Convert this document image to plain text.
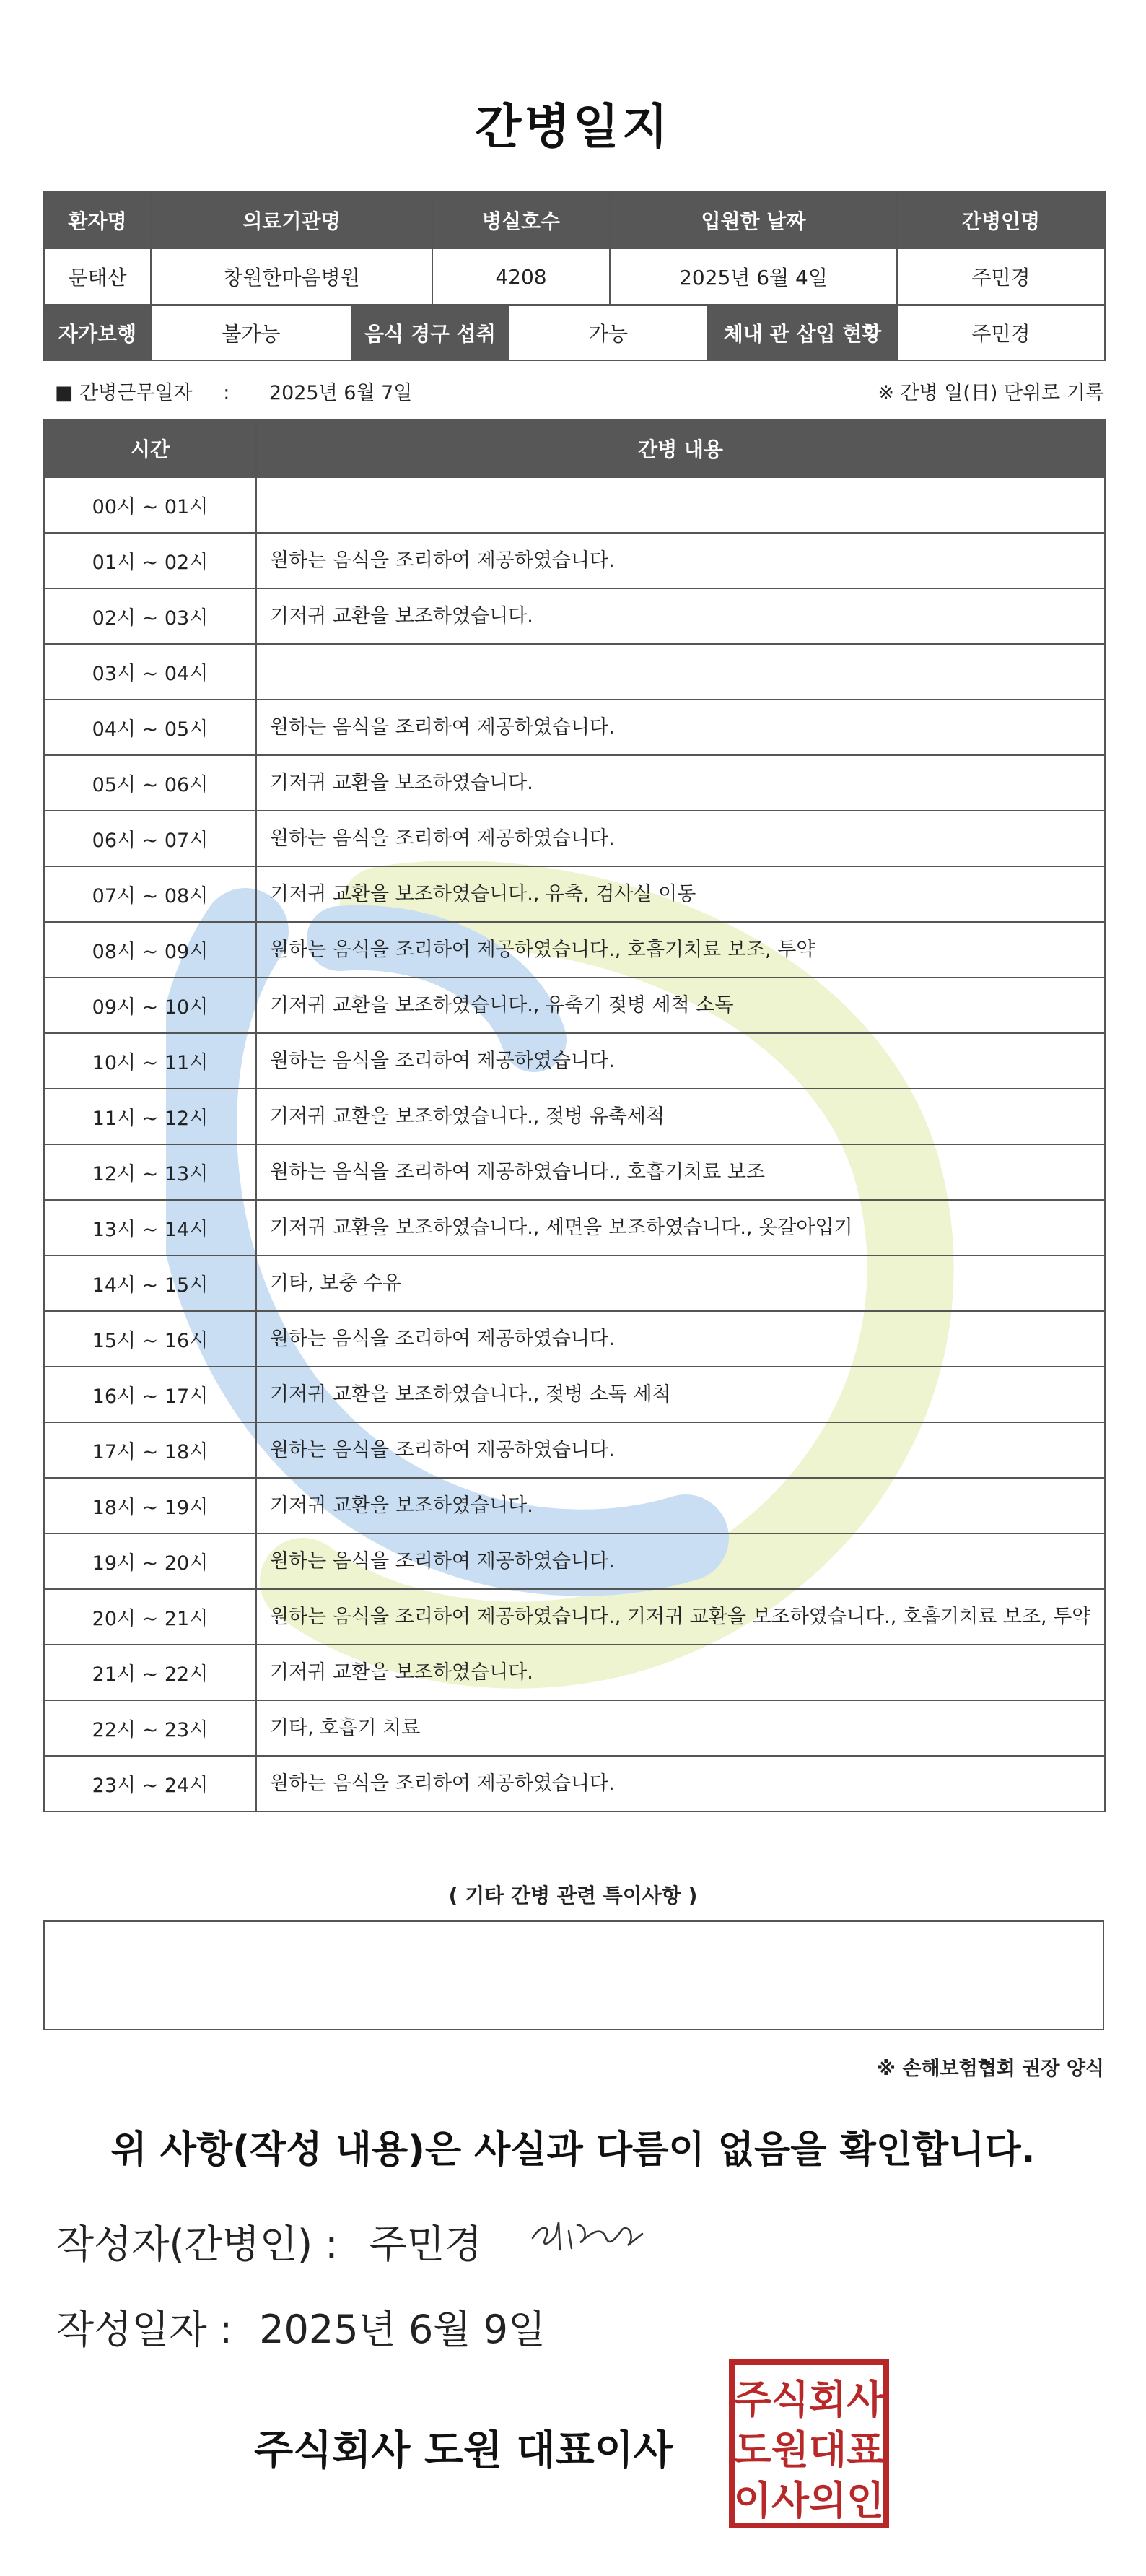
간병일지
환자명	의료기관명	병실호수	입원한 날짜	간병인명
문태산	창원한마음병원	4208	2025년 6월 4일	주민경
자가보행	불가능	음식 경구 섭취	가능	체내 관 삽입 현황	주민경
■ 간병근무일자 : 2025년 6월 7일	※ 간병 일(日) 단위로 기록
시간	간병 내용
00시 ~ 01시	
01시 ~ 02시	원하는 음식을 조리하여 제공하였습니다.
02시 ~ 03시	기저귀 교환을 보조하였습니다.
03시 ~ 04시	
04시 ~ 05시	원하는 음식을 조리하여 제공하였습니다.
05시 ~ 06시	기저귀 교환을 보조하였습니다.
06시 ~ 07시	원하는 음식을 조리하여 제공하였습니다.
07시 ~ 08시	기저귀 교환을 보조하였습니다., 유축, 검사실 이동
08시 ~ 09시	원하는 음식을 조리하여 제공하였습니다., 호흡기치료 보조, 투약
09시 ~ 10시	기저귀 교환을 보조하였습니다., 유축기 젖병 세척 소독
10시 ~ 11시	원하는 음식을 조리하여 제공하였습니다.
11시 ~ 12시	기저귀 교환을 보조하였습니다., 젖병 유축세척
12시 ~ 13시	원하는 음식을 조리하여 제공하였습니다., 호흡기치료 보조
13시 ~ 14시	기저귀 교환을 보조하였습니다., 세면을 보조하였습니다., 옷갈아입기
14시 ~ 15시	기타, 보충 수유
15시 ~ 16시	원하는 음식을 조리하여 제공하였습니다.
16시 ~ 17시	기저귀 교환을 보조하였습니다., 젖병 소독 세척
17시 ~ 18시	원하는 음식을 조리하여 제공하였습니다.
18시 ~ 19시	기저귀 교환을 보조하였습니다.
19시 ~ 20시	원하는 음식을 조리하여 제공하였습니다.
20시 ~ 21시	원하는 음식을 조리하여 제공하였습니다., 기저귀 교환을 보조하였습니다., 호흡기치료 보조, 투약
21시 ~ 22시	기저귀 교환을 보조하였습니다.
22시 ~ 23시	기타, 호흡기 치료
23시 ~ 24시	원하는 음식을 조리하여 제공하였습니다.
( 기타 간병 관련 특이사항 )
※ 손해보험협회 권장 양식
위 사항(작성 내용)은 사실과 다름이 없음을 확인합니다.
작성자(간병인) : 주민경
작성일자 : 2025년 6월 9일
주식회사 도원 대표이사
주식회사
도원대표
이사의인
